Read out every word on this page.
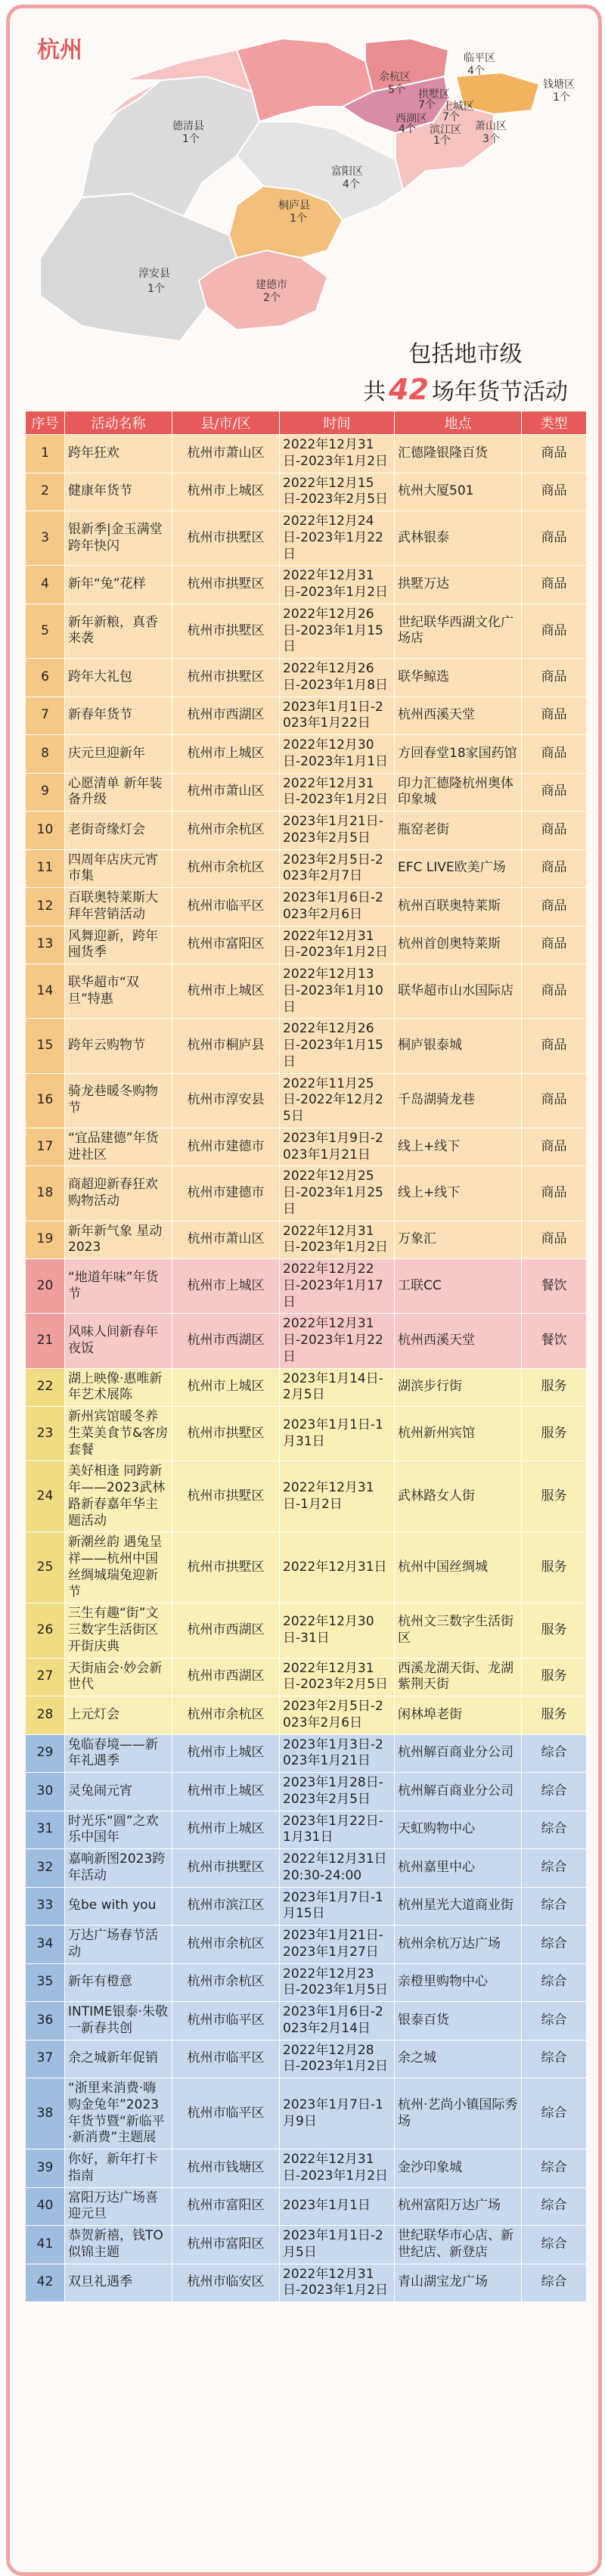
临平区
4个
钱塘区
1个
余杭区
5个 拱墅区
7个 上城区
7个
西湖区
4个 滨江区
1个
萧山区
3个
德清县
1个
富阳区
4个
桐庐县
1个
淳安县
1个	建德市
2个
杭州
包括地市级
共 42 场年货节活动
序号	活动名称	县/市/区	时间	地点	类型
1	跨年狂欢	杭州市萧山区	2022年12月31日-2023年1月2日	汇德隆银隆百货	商品
2	健康年货节	杭州市上城区	2022年12月15日-2023年2月5日	杭州大厦501	商品
3	银新季|金玉满堂跨年快闪	杭州市拱墅区	2022年12月24日-2023年1月22日	武林银泰	商品
4	新年“兔”花样	杭州市拱墅区	2022年12月31日-2023年1月2日	拱墅万达	商品
5	新年新粮，真香来袭	杭州市拱墅区	2022年12月26日-2023年1月15日	世纪联华西湖文化广场店	商品
6	跨年大礼包	杭州市拱墅区	2022年12月26日-2023年1月8日	联华鲸选	商品
7	新春年货节	杭州市西湖区	2023年1月1日-2023年1月22日	杭州西溪天堂	商品
8	庆元旦迎新年	杭州市上城区	2022年12月30日-2023年1月1日	方回春堂18家国药馆	商品
9	心愿清单 新年装备升级	杭州市萧山区	2022年12月31日-2023年1月2日	印力汇德隆杭州奥体印象城	商品
10	老街奇缘灯会	杭州市余杭区	2023年1月21日-2023年2月5日	瓶窑老街	商品
11	四周年店庆元宵市集	杭州市余杭区	2023年2月5日-2023年2月7日	EFC LIVE欧美广场	商品
12	百联奥特莱斯大拜年营销活动	杭州市临平区	2023年1月6日-2023年2月6日	杭州百联奥特莱斯	商品
13	风舞迎新，跨年囤货季	杭州市富阳区	2022年12月31日-2023年1月2日	杭州首创奥特莱斯	商品
14	联华超市“双旦”特惠	杭州市上城区	2022年12月13日-2023年1月10日	联华超市山水国际店	商品
15	跨年云购物节	杭州市桐庐县	2022年12月26日-2023年1月15日	桐庐银泰城	商品
16	骑龙巷暖冬购物节	杭州市淳安县	2022年11月25日-2022年12月25日	千岛湖骑龙巷	商品
17	“宜品建德”年货进社区	杭州市建德市	2023年1月9日-2023年1月21日	线上+线下	商品
18	商超迎新春狂欢购物活动	杭州市建德市	2022年12月25日-2023年1月25日	线上+线下	商品
19	新年新气象 星动2023	杭州市萧山区	2022年12月31日-2023年1月2日	万象汇	商品
20	“地道年味”年货节	杭州市上城区	2022年12月22日-2023年1月17日	工联CC	餐饮
21	风味人间新春年夜饭	杭州市西湖区	2022年12月31日-2023年1月22日	杭州西溪天堂	餐饮
22	湖上映像·惠唯新年艺术展陈	杭州市上城区	2023年1月14日-2月5日	湖滨步行街	服务
23	新州宾馆暖冬养生菜美食节&客房套餐	杭州市拱墅区	2023年1月1日-1月31日	杭州新州宾馆	服务
24	美好相逢 同跨新年——2023武林路新春嘉年华主题活动	杭州市拱墅区	2022年12月31日-1月2日	武林路女人街	服务
25	新潮丝韵 遇兔呈祥——杭州中国丝绸城瑞兔迎新节	杭州市拱墅区	2022年12月31日	杭州中国丝绸城	服务
26	三生有趣“街”文三数字生活街区开街庆典	杭州市西湖区	2022年12月30日-31日	杭州文三数字生活街区	服务
27	天街庙会·妙会新世代	杭州市西湖区	2022年12月31日-2023年2月5日	西溪龙湖天街、龙湖紫荆天街	服务
28	上元灯会	杭州市余杭区	2023年2月5日-2023年2月6日	闲林埠老街	服务
29	兔临春境——新年礼遇季	杭州市上城区	2023年1月3日-2023年1月21日	杭州解百商业分公司	综合
30	灵兔闹元宵	杭州市上城区	2023年1月28日-2023年2月5日	杭州解百商业分公司	综合
31	时光乐“圆”之欢乐中国年	杭州市上城区	2023年1月22日-1月31日	天虹购物中心	综合
32	嘉响新图2023跨年活动	杭州市拱墅区	2022年12月31日 20:30-24:00	杭州嘉里中心	综合
33	兔be with you	杭州市滨江区	2023年1月7日-1月15日	杭州星光大道商业街	综合
34	万达广场春节活动	杭州市余杭区	2023年1月21日-2023年1月27日	杭州余杭万达广场	综合
35	新年有橙意	杭州市余杭区	2022年12月23日-2023年1月5日	亲橙里购物中心	综合
36	INTIME银泰·朱敬一新春共创	杭州市临平区	2023年1月6日-2023年2月14日	银泰百货	综合
37	余之城新年促销	杭州市临平区	2022年12月28日-2023年1月2日	余之城	综合
38	“浙里来消费·嗨购金兔年”2023年货节暨“新临平·新消费”主题展	杭州市临平区	2023年1月7日-1月9日	杭州·艺尚小镇国际秀场	综合
39	你好，新年打卡指南	杭州市钱塘区	2022年12月31日-2023年1月2日	金沙印象城	综合
40	富阳万达广场喜迎元旦	杭州市富阳区	2023年1月1日	杭州富阳万达广场	综合
41	恭贺新禧，钱TO似锦主题	杭州市富阳区	2023年1月1日-2月5日	世纪联华市心店、新世纪店、新登店	综合
42	双旦礼遇季	杭州市临安区	2022年12月31日-2023年1月2日	青山湖宝龙广场	综合
